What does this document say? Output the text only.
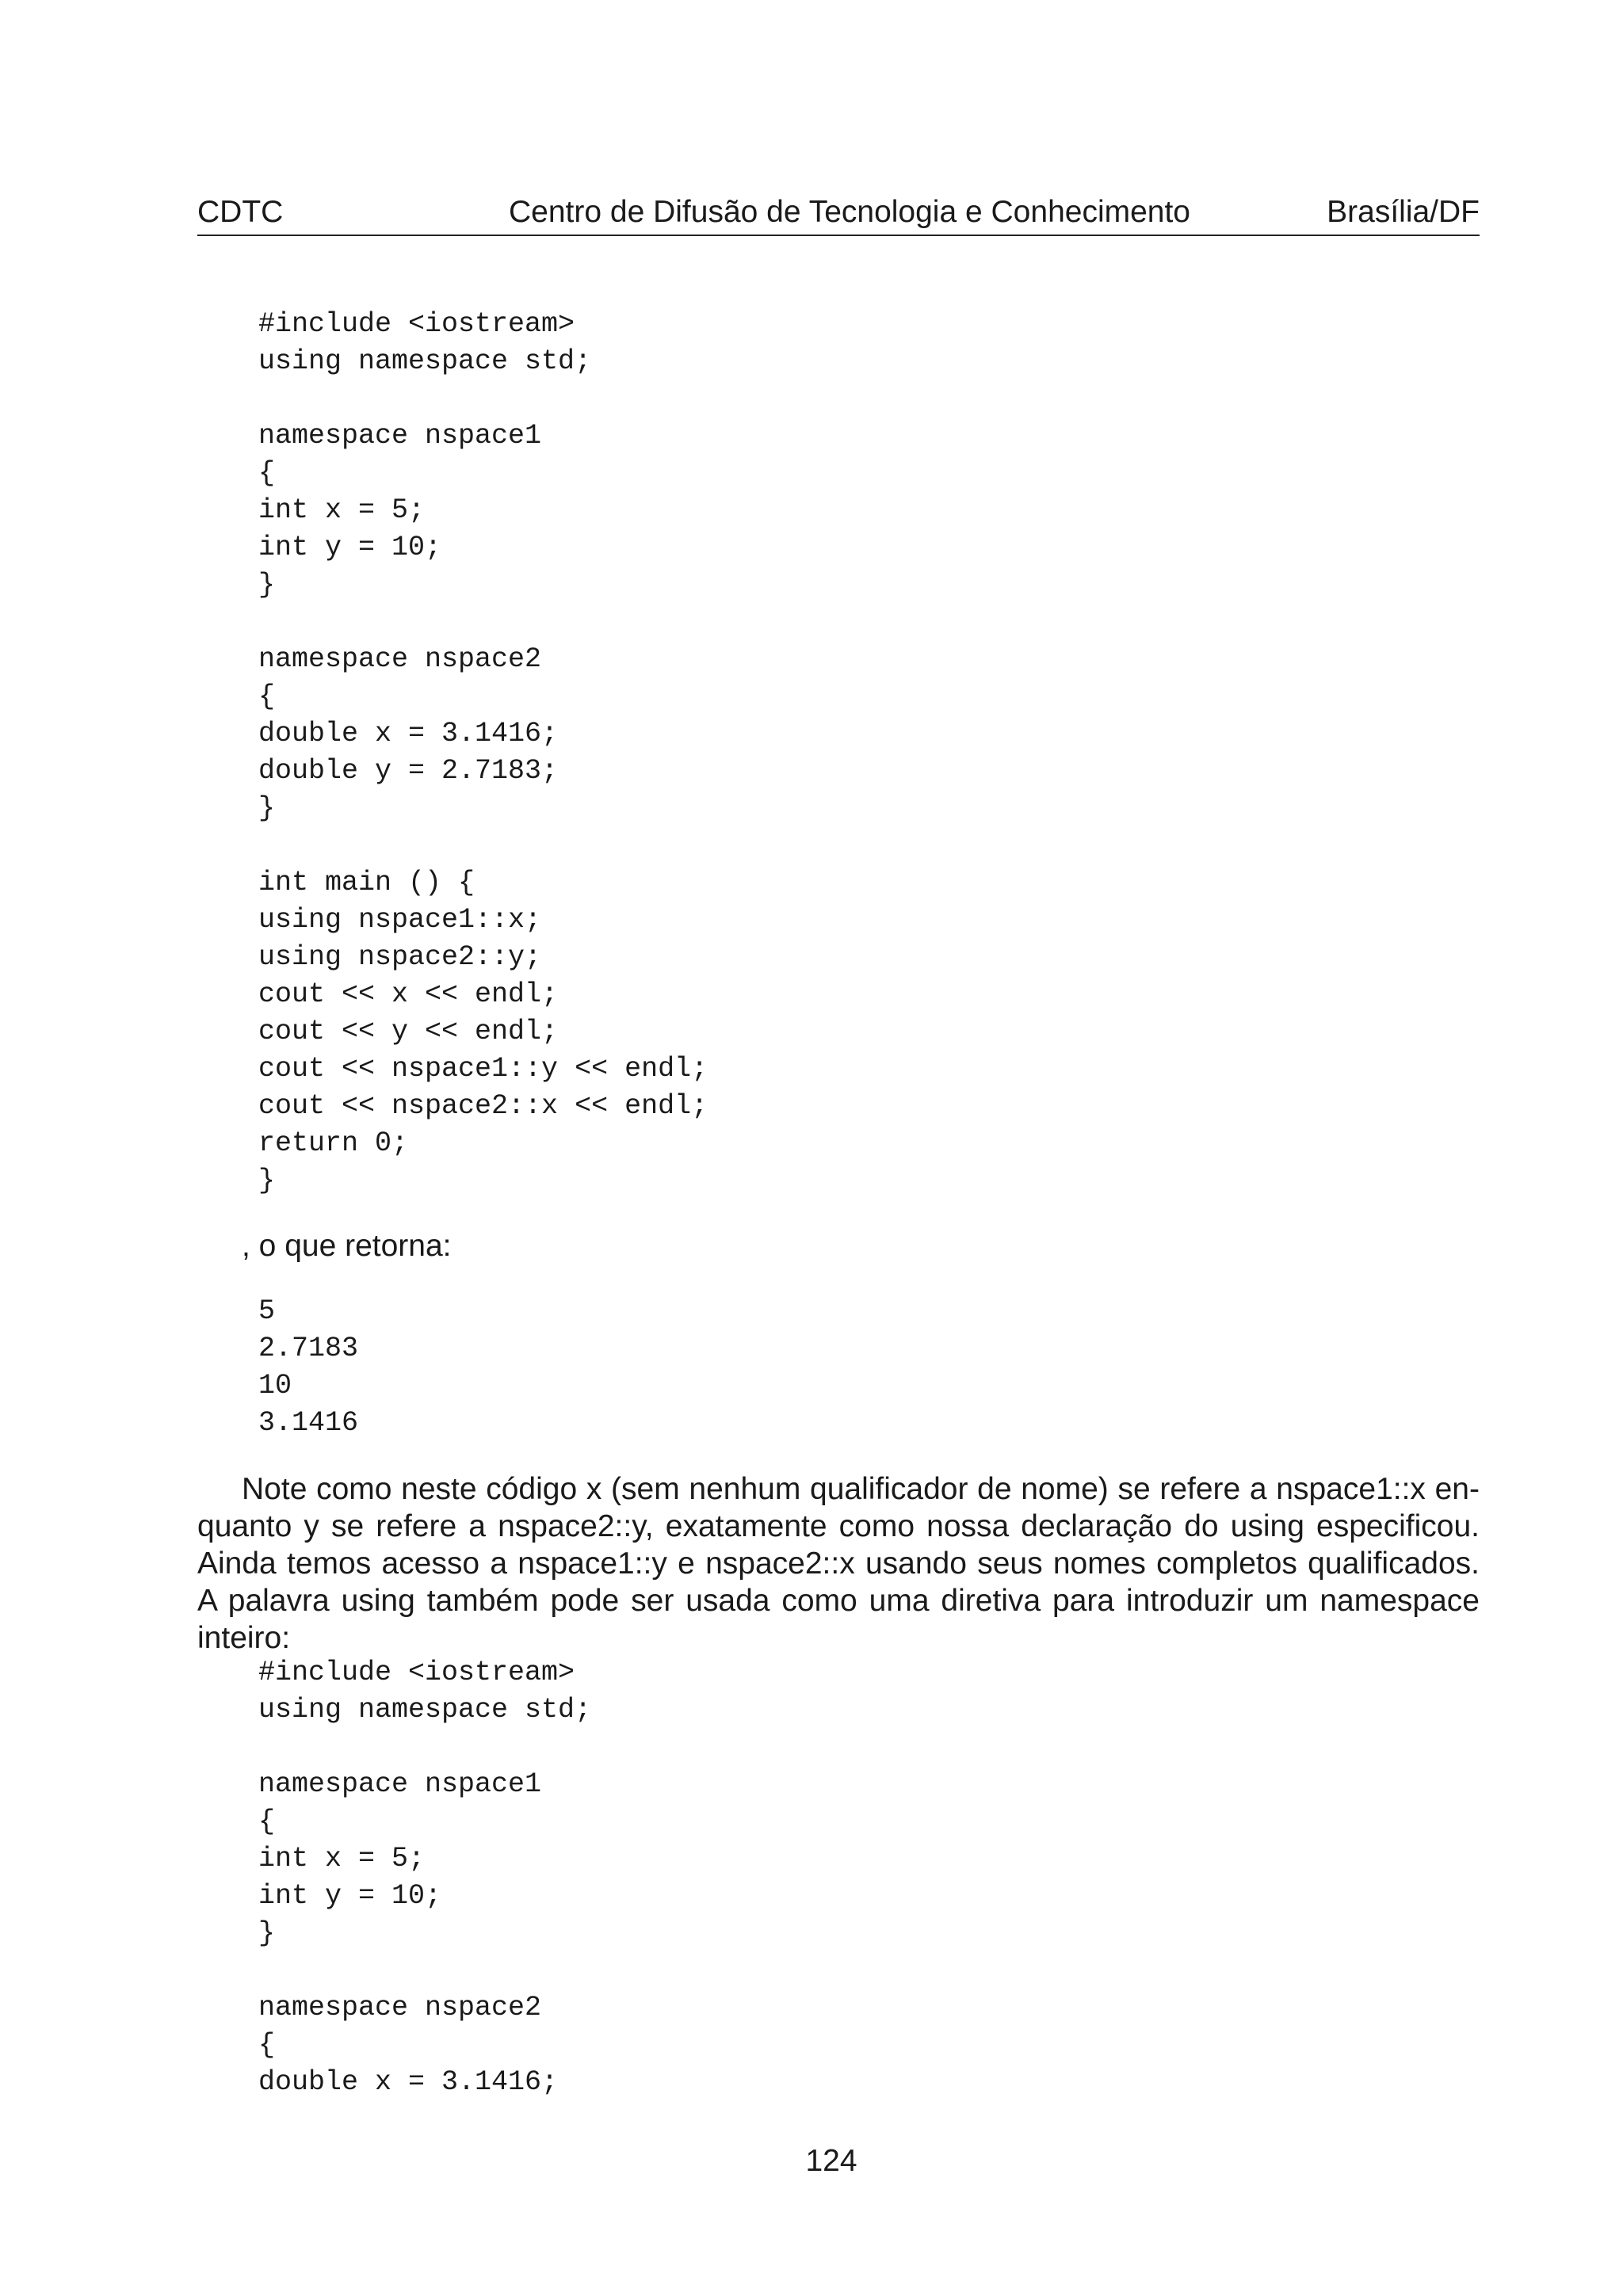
CDTC	Centro de Difusão de Tecnologia e Conhecimento	Brasília/DF
#include <iostream>
using namespace std;

namespace nspace1
{
int x = 5;
int y = 10;
}

namespace nspace2
{
double x = 3.1416;
double y = 2.7183;
}

int main () {
using nspace1::x;
using nspace2::y;
cout << x << endl;
cout << y << endl;
cout << nspace1::y << endl;
cout << nspace2::x << endl;
return 0;
}
, o que retorna:
5
2.7183
10
3.1416

Note como neste código x (sem nenhum qualificador de nome) se refere a nspace1::x enquanto y se refere a nspace2::y, exatamente como nossa declaração do using especificou. Ainda temos acesso a nspace1::y e nspace2::x usando seus nomes completos qualificados. A palavra using também pode ser usada como uma diretiva para introduzir um namespace inteiro:

#include <iostream>
using namespace std;

namespace nspace1
{
int x = 5;
int y = 10;
}

namespace nspace2
{
double x = 3.1416;
124
